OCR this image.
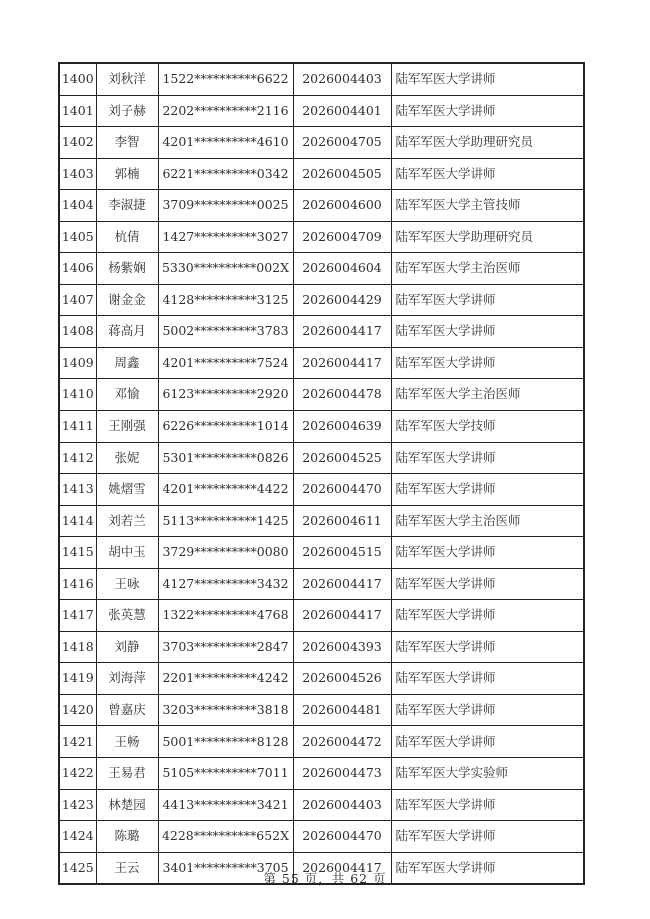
1400	刘秋洋	1522**********6622	2026004403	陆军军医大学讲师
1401	刘子赫	2202**********2116	2026004401	陆军军医大学讲师
1402	李智	4201**********4610	2026004705	陆军军医大学助理研究员
1403	郭楠	6221**********0342	2026004505	陆军军医大学讲师
1404	李淑捷	3709**********0025	2026004600	陆军军医大学主管技师
1405	杭倩	1427**********3027	2026004709	陆军军医大学助理研究员
1406	杨紫娴	5330**********002X	2026004604	陆军军医大学主治医师
1407	谢金金	4128**********3125	2026004429	陆军军医大学讲师
1408	蒋高月	5002**********3783	2026004417	陆军军医大学讲师
1409	周鑫	4201**********7524	2026004417	陆军军医大学讲师
1410	邓愉	6123**********2920	2026004478	陆军军医大学主治医师
1411	王刚强	6226**********1014	2026004639	陆军军医大学技师
1412	张妮	5301**********0826	2026004525	陆军军医大学讲师
1413	姚熠雪	4201**********4422	2026004470	陆军军医大学讲师
1414	刘若兰	5113**********1425	2026004611	陆军军医大学主治医师
1415	胡中玉	3729**********0080	2026004515	陆军军医大学讲师
1416	王咏	4127**********3432	2026004417	陆军军医大学讲师
1417	张英慧	1322**********4768	2026004417	陆军军医大学讲师
1418	刘静	3703**********2847	2026004393	陆军军医大学讲师
1419	刘海萍	2201**********4242	2026004526	陆军军医大学讲师
1420	曾嘉庆	3203**********3818	2026004481	陆军军医大学讲师
1421	王畅	5001**********8128	2026004472	陆军军医大学讲师
1422	王易君	5105**********7011	2026004473	陆军军医大学实验师
1423	林楚园	4413**********3421	2026004403	陆军军医大学讲师
1424	陈璐	4228**********652X	2026004470	陆军军医大学讲师
1425	王云	3401**********3705	2026004417	陆军军医大学讲师
第 55 页，共 62 页
